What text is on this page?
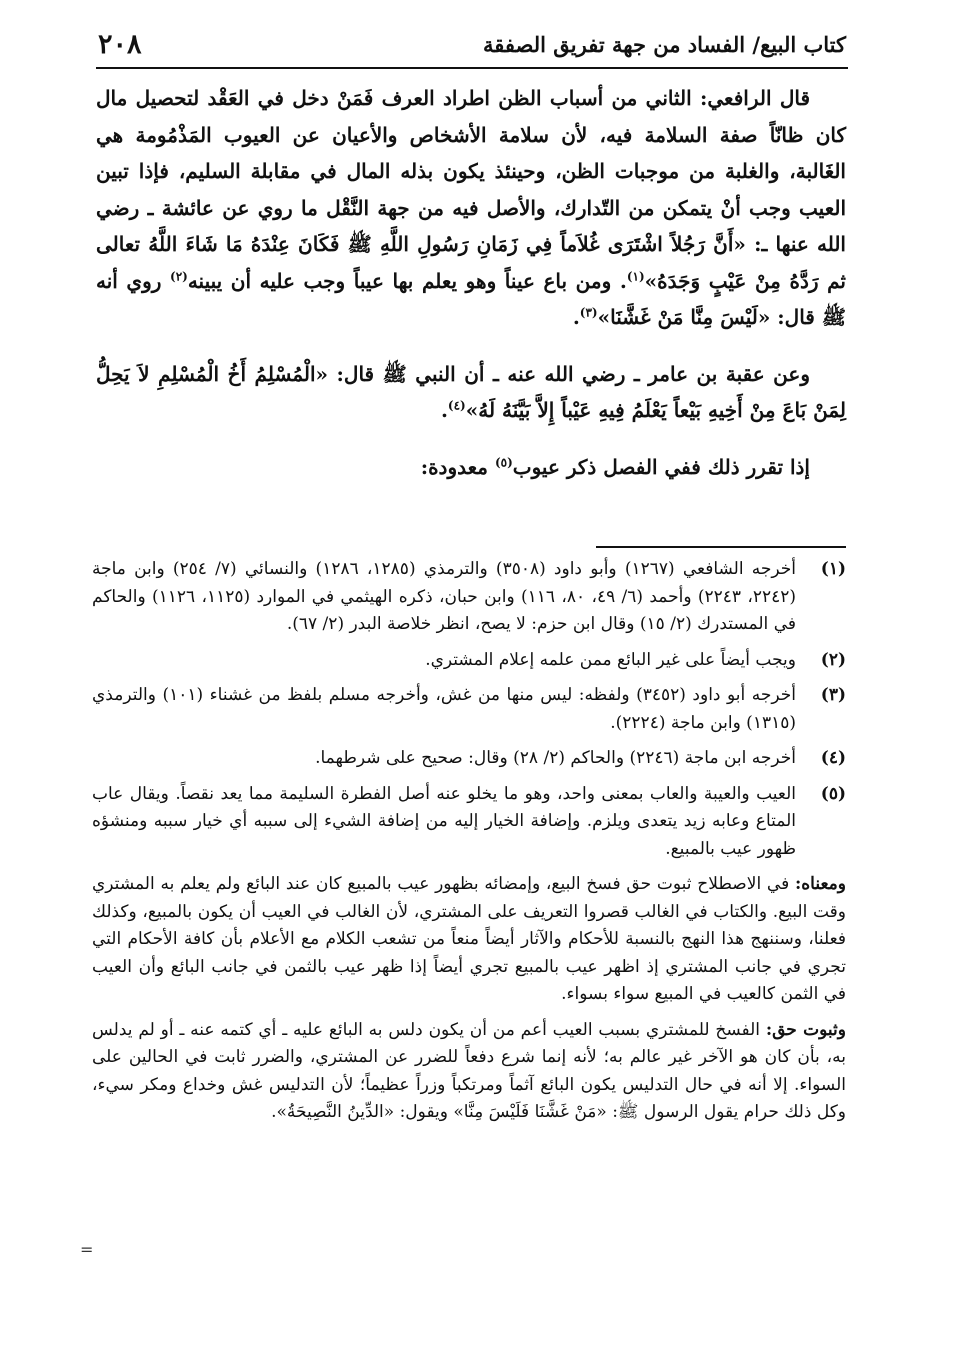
كتاب البيع/ الفساد من جهة تفريق الصفقة
٢٠٨

قال الرافعي: الثاني من أسباب الظن اطراد العرف فَمَنْ دخل في العَقْد لتحصيل مال كان ظانّاً صفة السلامة فيه، لأن سلامة الأشخاص والأعيان عن العيوب المَذْمُومة هي الغَالبة، والغلبة من موجبات الظن، وحينئذ يكون بذله المال في مقابلة السليم، فإذا تبين العيب وجب أنْ يتمكن من التّدارك، والأصل فيه من جهة النَّقْل ما روي عن عائشة ـ رضي الله عنها ـ: «أَنَّ رَجُلاً اشْتَرَى غُلاَماً فِي زَمَانِ رَسُولِ اللَّهِ ﷺ فَكَانَ عِنْدَهُ مَا شَاءَ اللَّهُ تعالى ثم رَدَّهُ مِنْ عَيْبٍ وَجَدَهُ»$^{(١)}$. ومن باع عيناً وهو يعلم بها عيباً وجب عليه أن يبينه$^{(٢)}$ روي أنه ﷺ قال: «لَيْسَ مِنَّا مَنْ غَشَّنَا»$^{(٣)}$.

وعن عقبة بن عامر ـ رضي الله عنه ـ أن النبي ﷺ قال: «الْمُسْلِمُ أَخُ الْمُسْلِمِ لاَ يَحِلُّ لِمَنْ بَاعَ مِنْ أَخِيهِ بَيْعاً يَعْلَمُ فِيهِ عَيْباً إِلاَّ بَيَّنَهُ لَهُ»$^{(٤)}$.

إذا تقرر ذلك ففي الفصل ذكر عيوب$^{(٥)}$ معدودة:

(١)
أخرجه الشافعي (١٢٦٧) وأبو داود (٣٥٠٨) والترمذي (١٢٨٥، ١٢٨٦) والنسائي (٧/ ٢٥٤) وابن ماجة (٢٢٤٢، ٢٢٤٣) وأحمد (٦/ ٤٩، ٨٠، ١١٦) وابن حبان، ذكره الهيثمي في الموارد (١١٢٥، ١١٢٦) والحاكم في المستدرك (٢/ ١٥) وقال ابن حزم: لا يصح، انظر خلاصة البدر (٢/ ٦٧).
(٢)
ويجب أيضاً على غير البائع ممن علمه إعلام المشتري.
(٣)
أخرجه أبو داود (٣٤٥٢) ولفظه: ليس منها من غش، وأخرجه مسلم بلفظ من غشناء (١٠١) والترمذي (١٣١٥) وابن ماجة (٢٢٢٤).
(٤)
أخرجه ابن ماجة (٢٢٤٦) والحاكم (٢/ ٢٨) وقال: صحيح على شرطهما.
(٥)
العيب والعيبة والعاب بمعنى واحد، وهو ما يخلو عنه أصل الفطرة السليمة مما يعد نقصاً. ويقال عاب المتاع وعابه زيد يتعدى ويلزم. وإضافة الخيار إليه من إضافة الشيء إلى سببه أي خيار سببه ومنشؤه ظهور عيب بالمبيع.

ومعناه: في الاصطلاح ثبوت حق فسخ البيع، وإمضائه بظهور عيب بالمبيع كان عند البائع ولم يعلم به المشتري وقت البيع. والكتاب في الغالب قصروا التعريف على المشتري، لأن الغالب في العيب أن يكون بالمبيع، وكذلك فعلنا، وسننهج هذا النهج بالنسبة للأحكام والآثار أيضاً منعاً من تشعب الكلام مع الأعلام بأن كافة الأحكام التي تجري في جانب المشتري إذ اظهر عيب بالمبيع تجري أيضاً إذا ظهر عيب بالثمن في جانب البائع وأن العيب في الثمن كالعيب في المبيع سواء بسواء.

وثبوت حق: الفسخ للمشتري بسبب العيب أعم من أن يكون دلس به البائع عليه ـ أي كتمه عنه ـ أو لم يدلس به، بأن كان هو الآخر غير عالم به؛ لأنه إنما شرع دفعاً للضرر عن المشتري، والضرر ثابت في الحالين على السواء. إلا أنه في حال التدليس يكون البائع آثماً ومرتكباً وزراً عظيماً؛ لأن التدليس غش وخداع ومكر سيء، وكل ذلك حرام يقول الرسول ﷺ: «مَنْ غَشَّنَا فَلَيْسَ مِنَّا» ويقول: «الدِّينُ النَّصِيحَةُ».

=
